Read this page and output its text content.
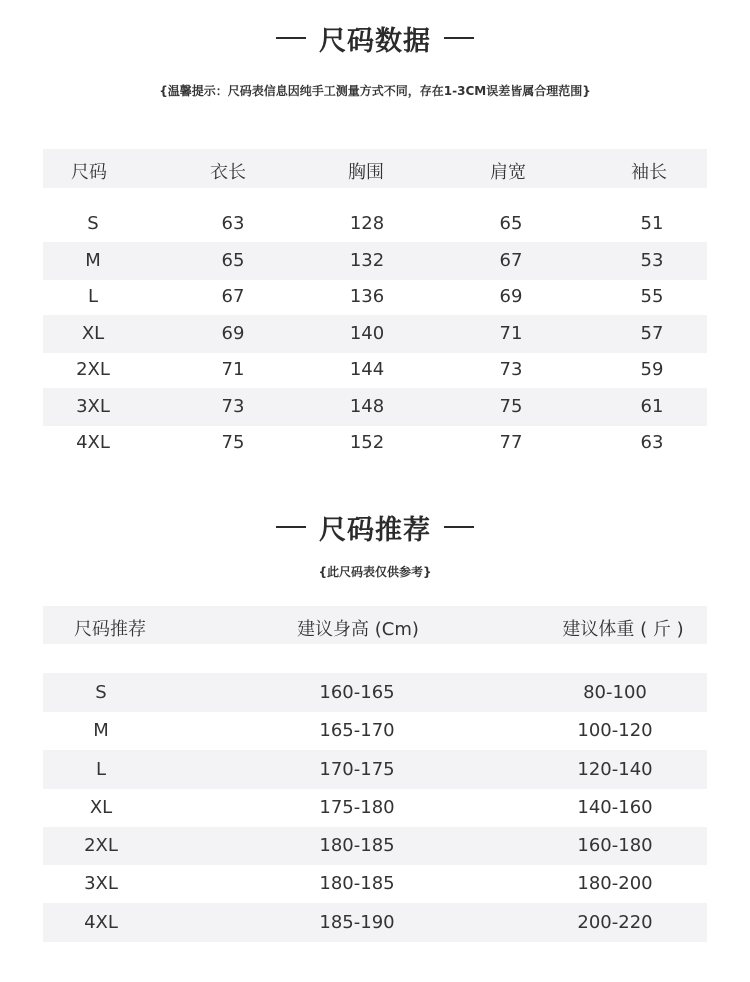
尺码数据
{温馨提示：尺码表信息因纯手工测量方式不同，存在1-3CM误差皆属合理范围}
尺码	衣长	胸围	肩宽	袖长
S	63	128	65	51
M	65	132	67	53
L	67	136	69	55
XL	69	140	71	57
2XL	71	144	73	59
3XL	73	148	75	61
4XL	75	152	77	63
尺码推荐
{此尺码表仅供参考}
尺码推荐	建议身高 (Cm)	建议体重 ( 斤 )
S	160-165	80-100
M	165-170	100-120
L	170-175	120-140
XL	175-180	140-160
2XL	180-185	160-180
3XL	180-185	180-200
4XL	185-190	200-220
